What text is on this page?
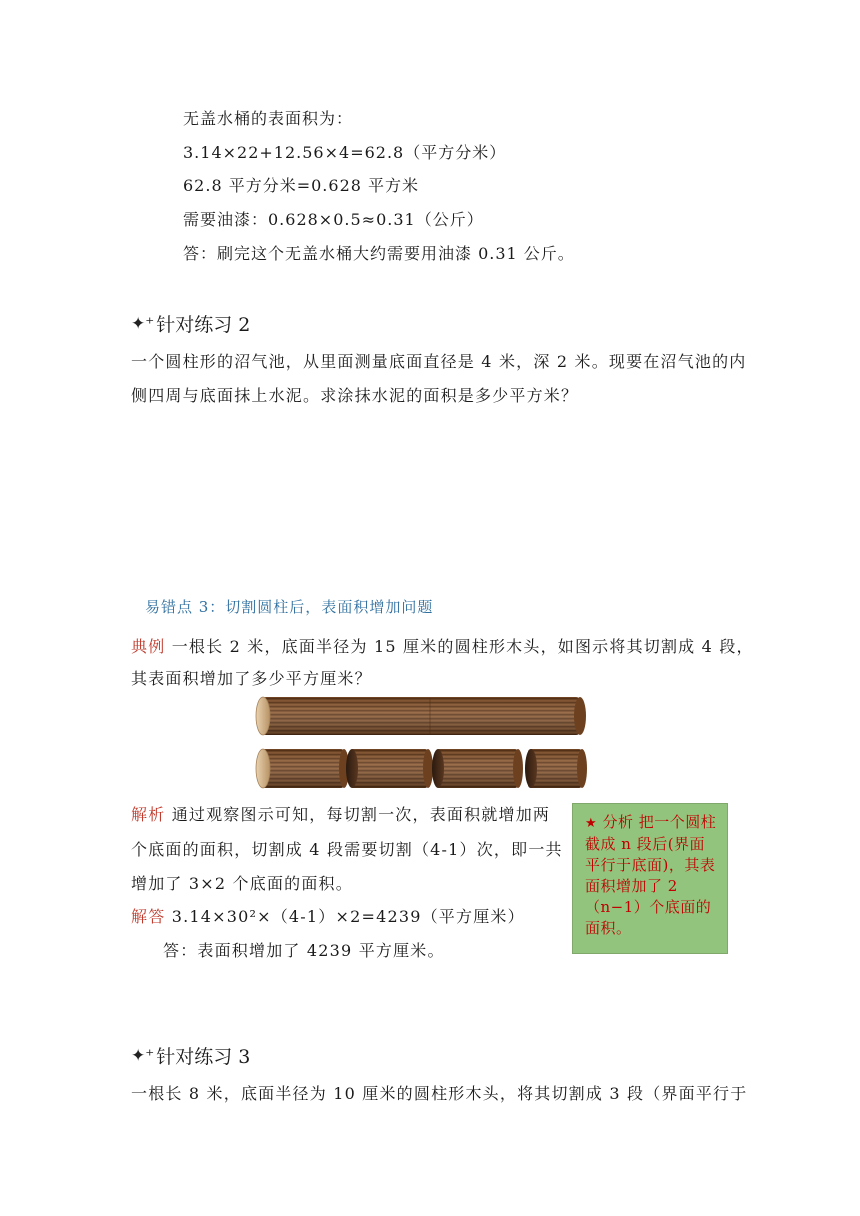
无盖水桶的表面积为：
3.14×22+12.56×4=62.8（平方分米）
62.8 平方分米=0.628 平方米
需要油漆：0.628×0.5≈0.31（公斤）
答：刷完这个无盖水桶大约需要用油漆 0.31 公斤。
✦⁺ 针对练习 2
一个圆柱形的沼气池，从里面测量底面直径是 4 米，深 2 米。现要在沼气池的内
侧四周与底面抹上水泥。求涂抹水泥的面积是多少平方米？
易错点 3：切割圆柱后，表面积增加问题
典例 一根长 2 米，底面半径为 15 厘米的圆柱形木头，如图示将其切割成 4 段，
其表面积增加了多少平方厘米？
解析 通过观察图示可知，每切割一次，表面积就增加两
个底面的面积，切割成 4 段需要切割（4-1）次，即一共
增加了 3×2 个底面的面积。
解答 3.14×30²×（4-1）×2=4239（平方厘米）
答：表面积增加了 4239 平方厘米。
★ 分析 把一个圆柱截成 n 段后(界面平行于底面)，其表面积增加了 2（n−1）个底面的面积。
✦⁺ 针对练习 3
一根长 8 米，底面半径为 10 厘米的圆柱形木头，将其切割成 3 段（界面平行于
